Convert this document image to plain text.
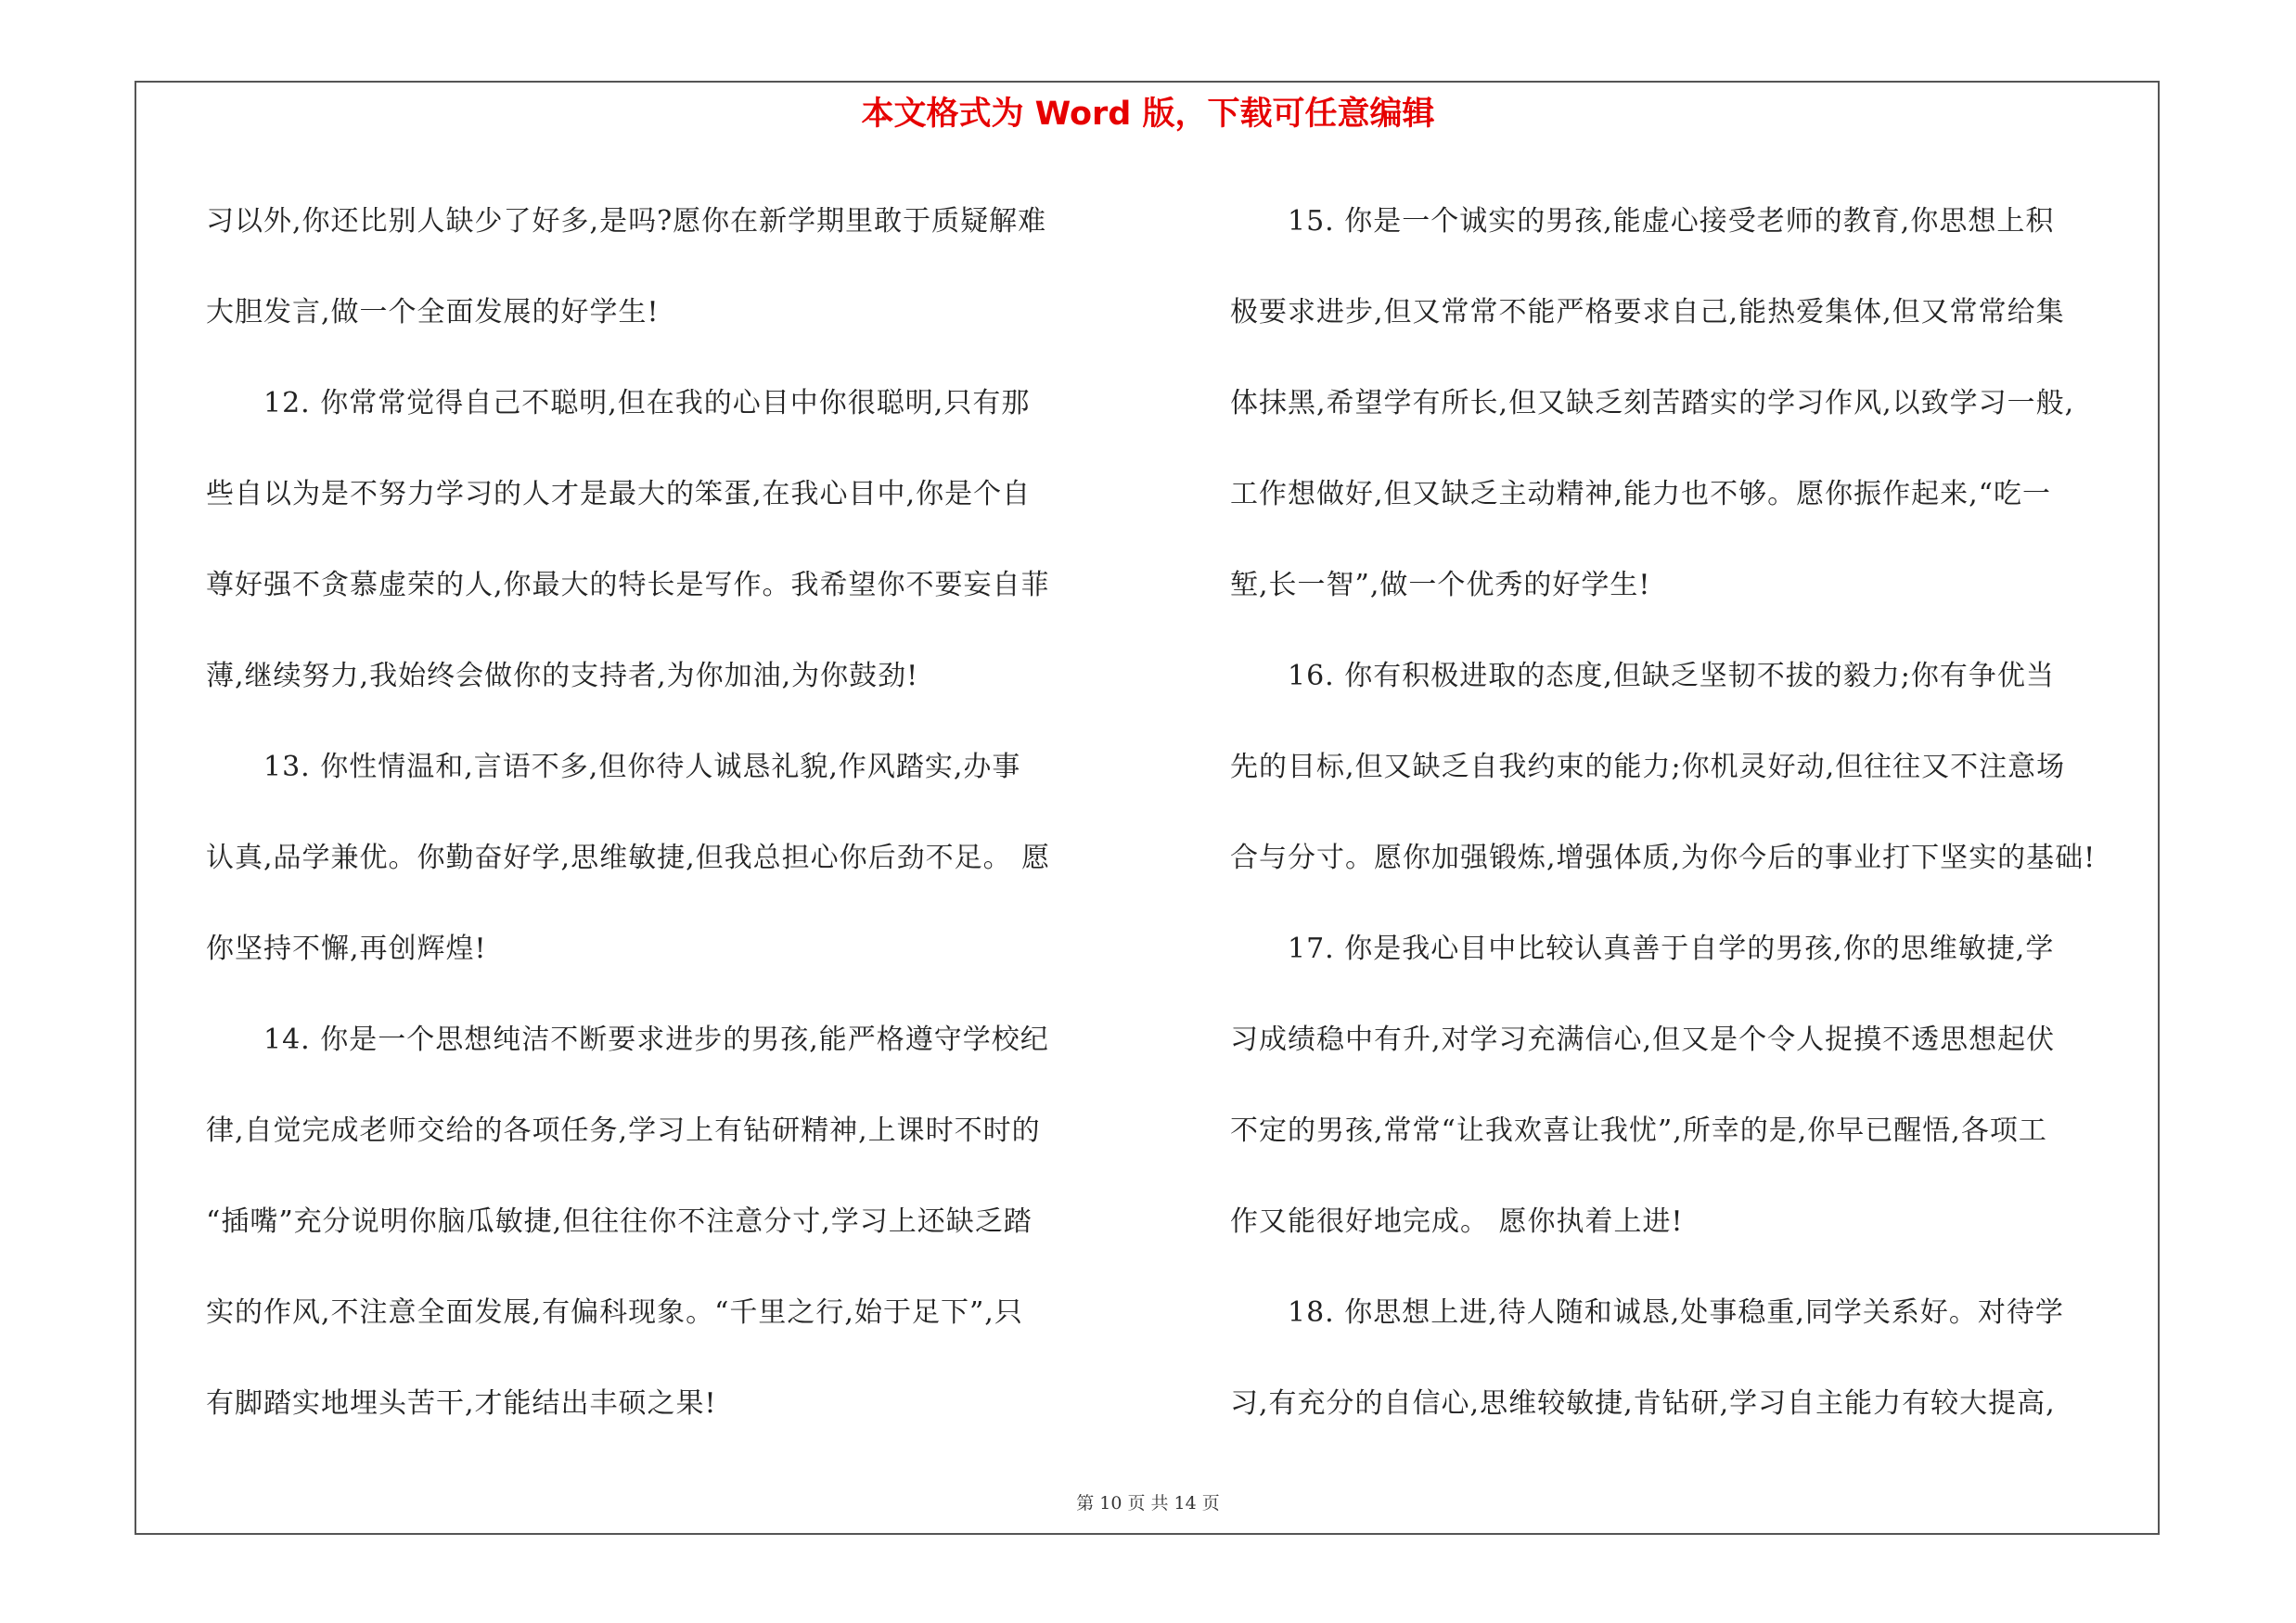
本文格式为 Word 版，下载可任意编辑
习以外,你还比别人缺少了好多,是吗?愿你在新学期里敢于质疑解难
大胆发言,做一个全面发展的好学生!
　　12. 你常常觉得自己不聪明,但在我的心目中你很聪明,只有那
些自以为是不努力学习的人才是最大的笨蛋,在我心目中,你是个自
尊好强不贪慕虚荣的人,你最大的特长是写作。我希望你不要妄自菲
薄,继续努力,我始终会做你的支持者,为你加油,为你鼓劲!
　　13. 你性情温和,言语不多,但你待人诚恳礼貌,作风踏实,办事
认真,品学兼优。你勤奋好学,思维敏捷,但我总担心你后劲不足。 愿
你坚持不懈,再创辉煌!
　　14. 你是一个思想纯洁不断要求进步的男孩,能严格遵守学校纪
律,自觉完成老师交给的各项任务,学习上有钻研精神,上课时不时的
“插嘴”充分说明你脑瓜敏捷,但往往你不注意分寸,学习上还缺乏踏
实的作风,不注意全面发展,有偏科现象。“千里之行,始于足下”,只
有脚踏实地埋头苦干,才能结出丰硕之果!
　　15. 你是一个诚实的男孩,能虚心接受老师的教育,你思想上积
极要求进步,但又常常不能严格要求自己,能热爱集体,但又常常给集
体抹黑,希望学有所长,但又缺乏刻苦踏实的学习作风,以致学习一般,
工作想做好,但又缺乏主动精神,能力也不够。愿你振作起来,“吃一
堑,长一智”,做一个优秀的好学生!
　　16. 你有积极进取的态度,但缺乏坚韧不拔的毅力;你有争优当
先的目标,但又缺乏自我约束的能力;你机灵好动,但往往又不注意场
合与分寸。愿你加强锻炼,增强体质,为你今后的事业打下坚实的基础!
　　17. 你是我心目中比较认真善于自学的男孩,你的思维敏捷,学
习成绩稳中有升,对学习充满信心,但又是个令人捉摸不透思想起伏
不定的男孩,常常“让我欢喜让我忧”,所幸的是,你早已醒悟,各项工
作又能很好地完成。 愿你执着上进!
　　18. 你思想上进,待人随和诚恳,处事稳重,同学关系好。对待学
习,有充分的自信心,思维较敏捷,肯钻研,学习自主能力有较大提高,
第 10 页 共 14 页
